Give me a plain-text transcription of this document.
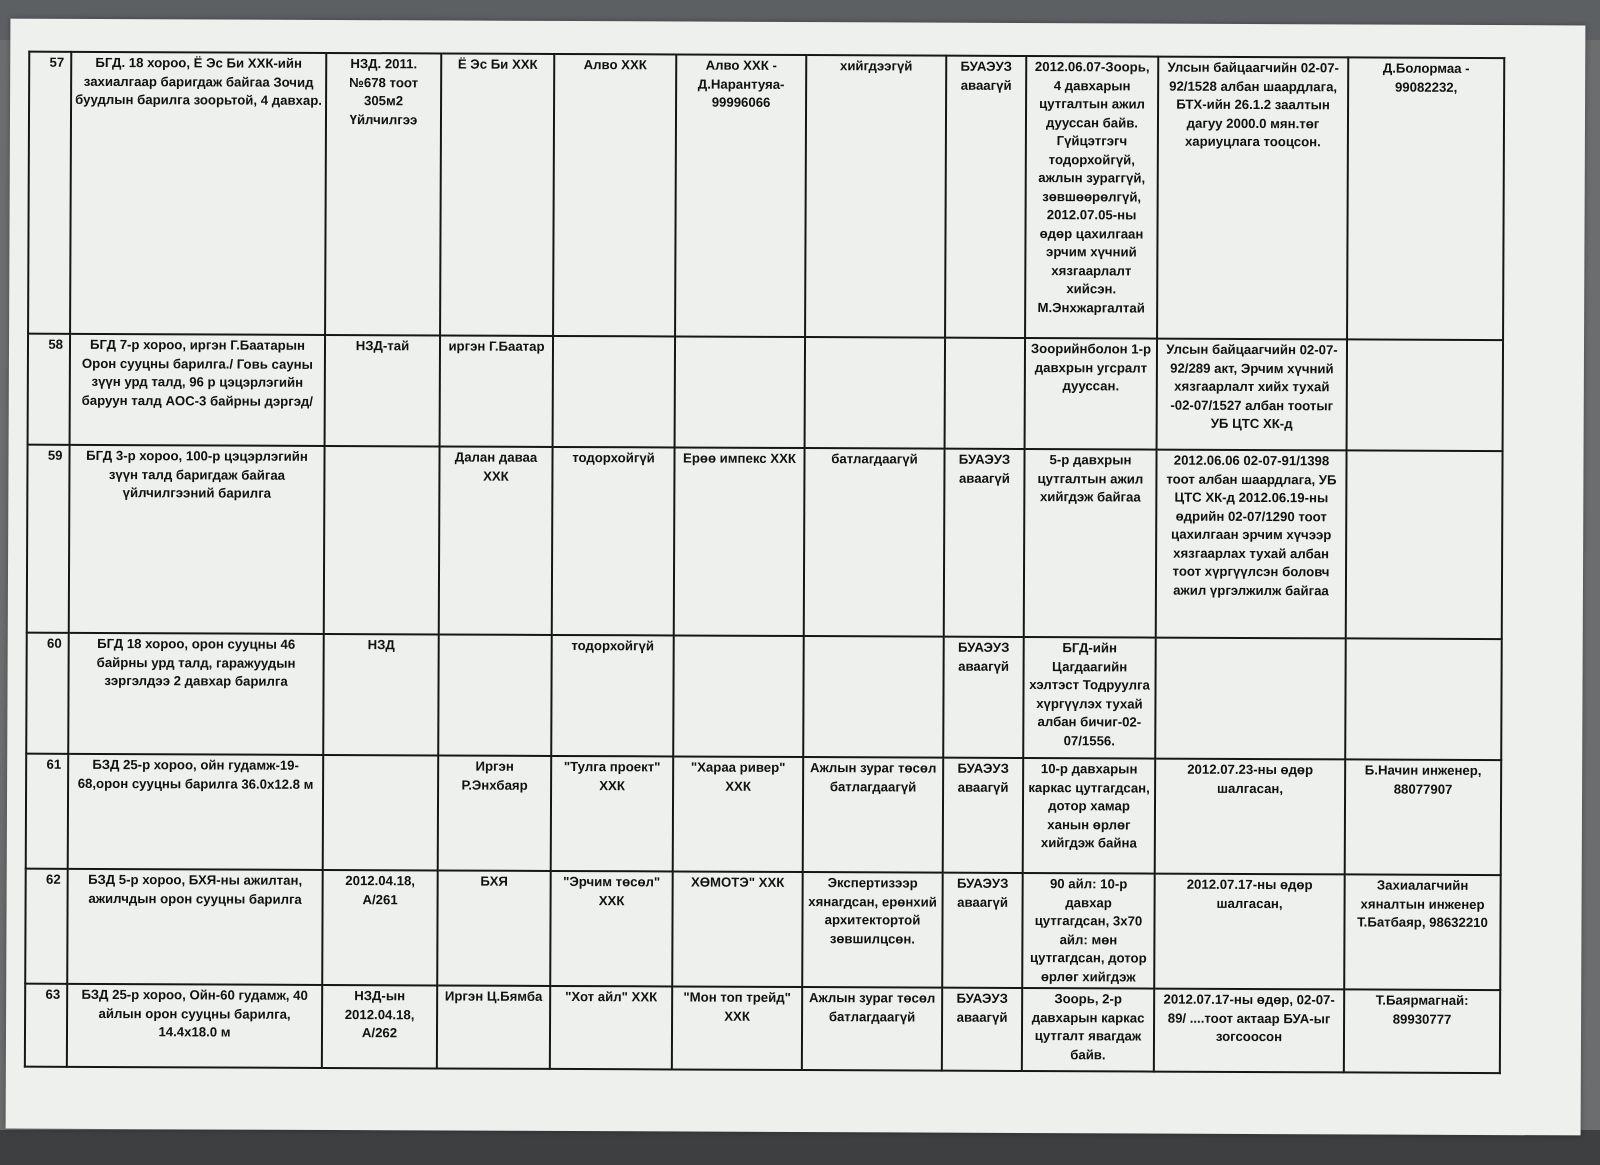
57	БГД. 18 хороо, Ё Эс Би ХХК-ийн захиалгаар баригдаж байгаа Зочид буудлын барилга зоорьтой, 4 давхар.	НЗД. 2011. №678 тоот 305м2 Үйлчилгээ	Ё Эс Би ХХК	Алво ХХК	Алво ХХК - Д.Нарантуяа- 99996066	хийгдээгүй	БУАЭУЗ аваагүй	2012.06.07-Зоорь, 4 давхарын цутгалтын ажил дууссан байв. Гүйцэтгэгч тодорхойгүй, ажлын зураггүй, зөвшөөрөлгүй, 2012.07.05-ны өдөр цахилгаан эрчим хүчний хязгаарлалт хийсэн. М.Энхжаргалтай	Улсын байцаагчийн 02-07-92/1528 албан шаардлага, БТХ-ийн 26.1.2 заалтын дагуу 2000.0 мян.төг хариуцлага тооцсон.	Д.Болормаа - 99082232,
58	БГД 7-р хороо, иргэн Г.Баатарын Орон сууцны барилга./ Говь сауны зүүн урд талд, 96 р цэцэрлэгийн баруун талд АОС-3 байрны дэргэд/	НЗД-тай	иргэн Г.Баатар					Зоорийнболон 1-р давхрын угсралт дууссан.	Улсын байцаагчийн 02-07-92/289 акт, Эрчим хүчний хязгаарлалт хийх тухай -02-07/1527 албан тоотыг УБ ЦТС ХК-д	
59	БГД 3-р хороо, 100-р цэцэрлэгийн зүүн талд баригдаж байгаа үйлчилгээний барилга		Далан даваа ХХК	тодорхойгүй	Ерөө импекс ХХК	батлагдаагүй	БУАЭУЗ аваагүй	5-р давхрын цутгалтын ажил хийгдэж байгаа	2012.06.06 02-07-91/1398 тоот албан шаардлага, УБ ЦТС ХК-д 2012.06.19-ны өдрийн 02-07/1290 тоот цахилгаан эрчим хүчээр хязгаарлах тухай албан тоот хүргүүлсэн боловч ажил үргэлжилж байгаа	
60	БГД 18 хороо, орон сууцны 46 байрны урд талд, гаражуудын зэргэлдээ 2 давхар барилга	НЗД		тодорхойгүй			БУАЭУЗ аваагүй	БГД-ийн Цагдаагийн хэлтэст Тодруулга хүргүүлэх тухай албан бичиг-02-07/1556.		
61	БЗД 25-р хороо, ойн гудамж-19-68,орон сууцны барилга 36.0x12.8 м		Иргэн Р.Энхбаяр	"Тулга проект" ХХК	"Хараа ривер" ХХК	Ажлын зураг төсөл батлагдаагүй	БУАЭУЗ аваагүй	10-р давхарын каркас цутгагдсан, дотор хамар ханын өрлөг хийгдэж байна	2012.07.23-ны өдөр шалгасан,	Б.Начин инженер, 88077907
62	БЗД 5-р хороо, БХЯ-ны ажилтан, ажилчдын орон сууцны барилга	2012.04.18, А/261	БХЯ	"Эрчим төсөл" ХХК	ХӨМОТЭ" ХХК	Экспертизээр хянагдсан, ерөнхий архитектортой зөвшилцсөн.	БУАЭУЗ аваагүй	90 айл: 10-р давхар цутгагдсан, 3х70 айл: мөн цутгагдсан, дотор өрлөг хийгдэж	2012.07.17-ны өдөр шалгасан,	Захиалагчийн хяналтын инженер Т.Батбаяр, 98632210
63	БЗД 25-р хороо, Ойн-60 гудамж, 40 айлын орон сууцны барилга, 14.4х18.0 м	НЗД-ын 2012.04.18, А/262	Иргэн Ц.Бямба	"Хот айл" ХХК	"Мон топ трейд" ХХК	Ажлын зураг төсөл батлагдаагүй	БУАЭУЗ аваагүй	Зоорь, 2-р давхарын каркас цутгалт явагдаж байв.	2012.07.17-ны өдөр, 02-07-89/ ....тоот актаар БУА-ыг зогсоосон	Т.Баярмагнай: 89930777
